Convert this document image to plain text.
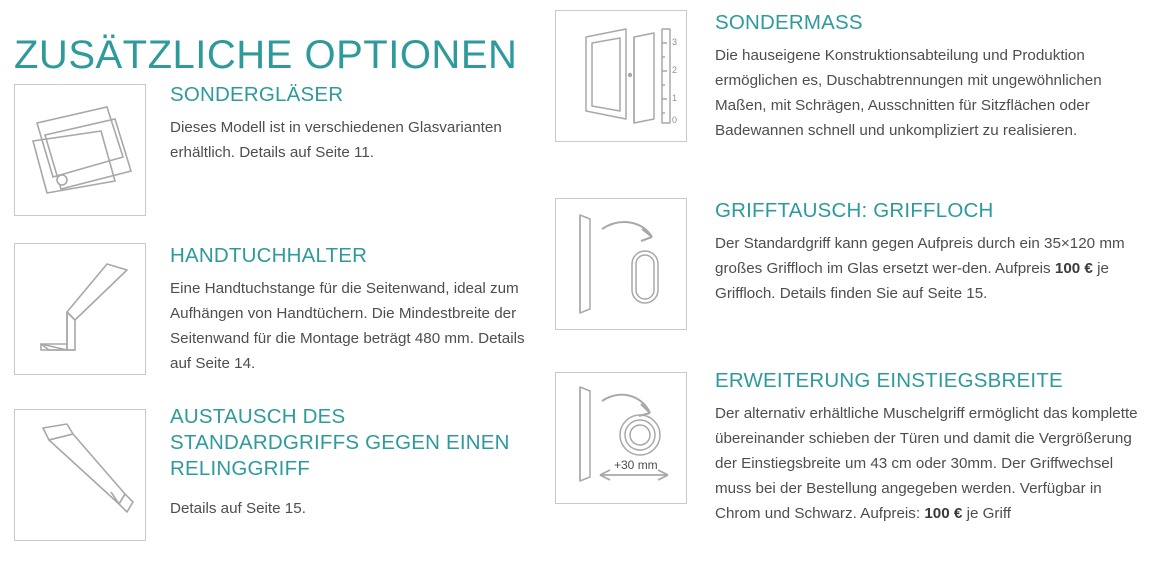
ZUSÄTZLICHE OPTIONEN
SONDERGLÄSER
Dieses Modell ist in verschiedenen Glasvarianten erhältlich. Details auf Seite 11.
HANDTUCHHALTER
Eine Handtuchstange für die Seitenwand, ideal zum Aufhängen von Handtüchern. Die Mindestbreite der Seitenwand für die Montage beträgt 480 mm. Details auf Seite 14.
AUSTAUSCH DES STANDARDGRIFFS GEGEN EINEN RELINGGRIFF
Details auf Seite 15.
3
2
1
0
SONDERMASS
Die hauseigene Konstruktionsabteilung und Produktion ermöglichen es, Duschabtrennungen mit ungewöhnlichen Maßen, mit Schrägen, Ausschnitten für Sitzflächen oder Badewannen schnell und unkompliziert zu realisieren.
GRIFFTAUSCH: GRIFFLOCH
Der Standardgriff kann gegen Aufpreis durch ein 35×120 mm großes Griffloch im Glas ersetzt wer-den. Aufpreis 100 € je Griffloch. Details finden Sie auf Seite 15.
+30 mm
ERWEITERUNG EINSTIEGSBREITE
Der alternativ erhältliche Muschelgriff ermöglicht das komplette übereinander schieben der Türen und damit die Vergrößerung der Einstiegsbreite um 43 cm oder 30mm. Der Griffwechsel muss bei der Bestellung angegeben werden. Verfügbar in Chrom und Schwarz. Aufpreis: 100 € je Griff
